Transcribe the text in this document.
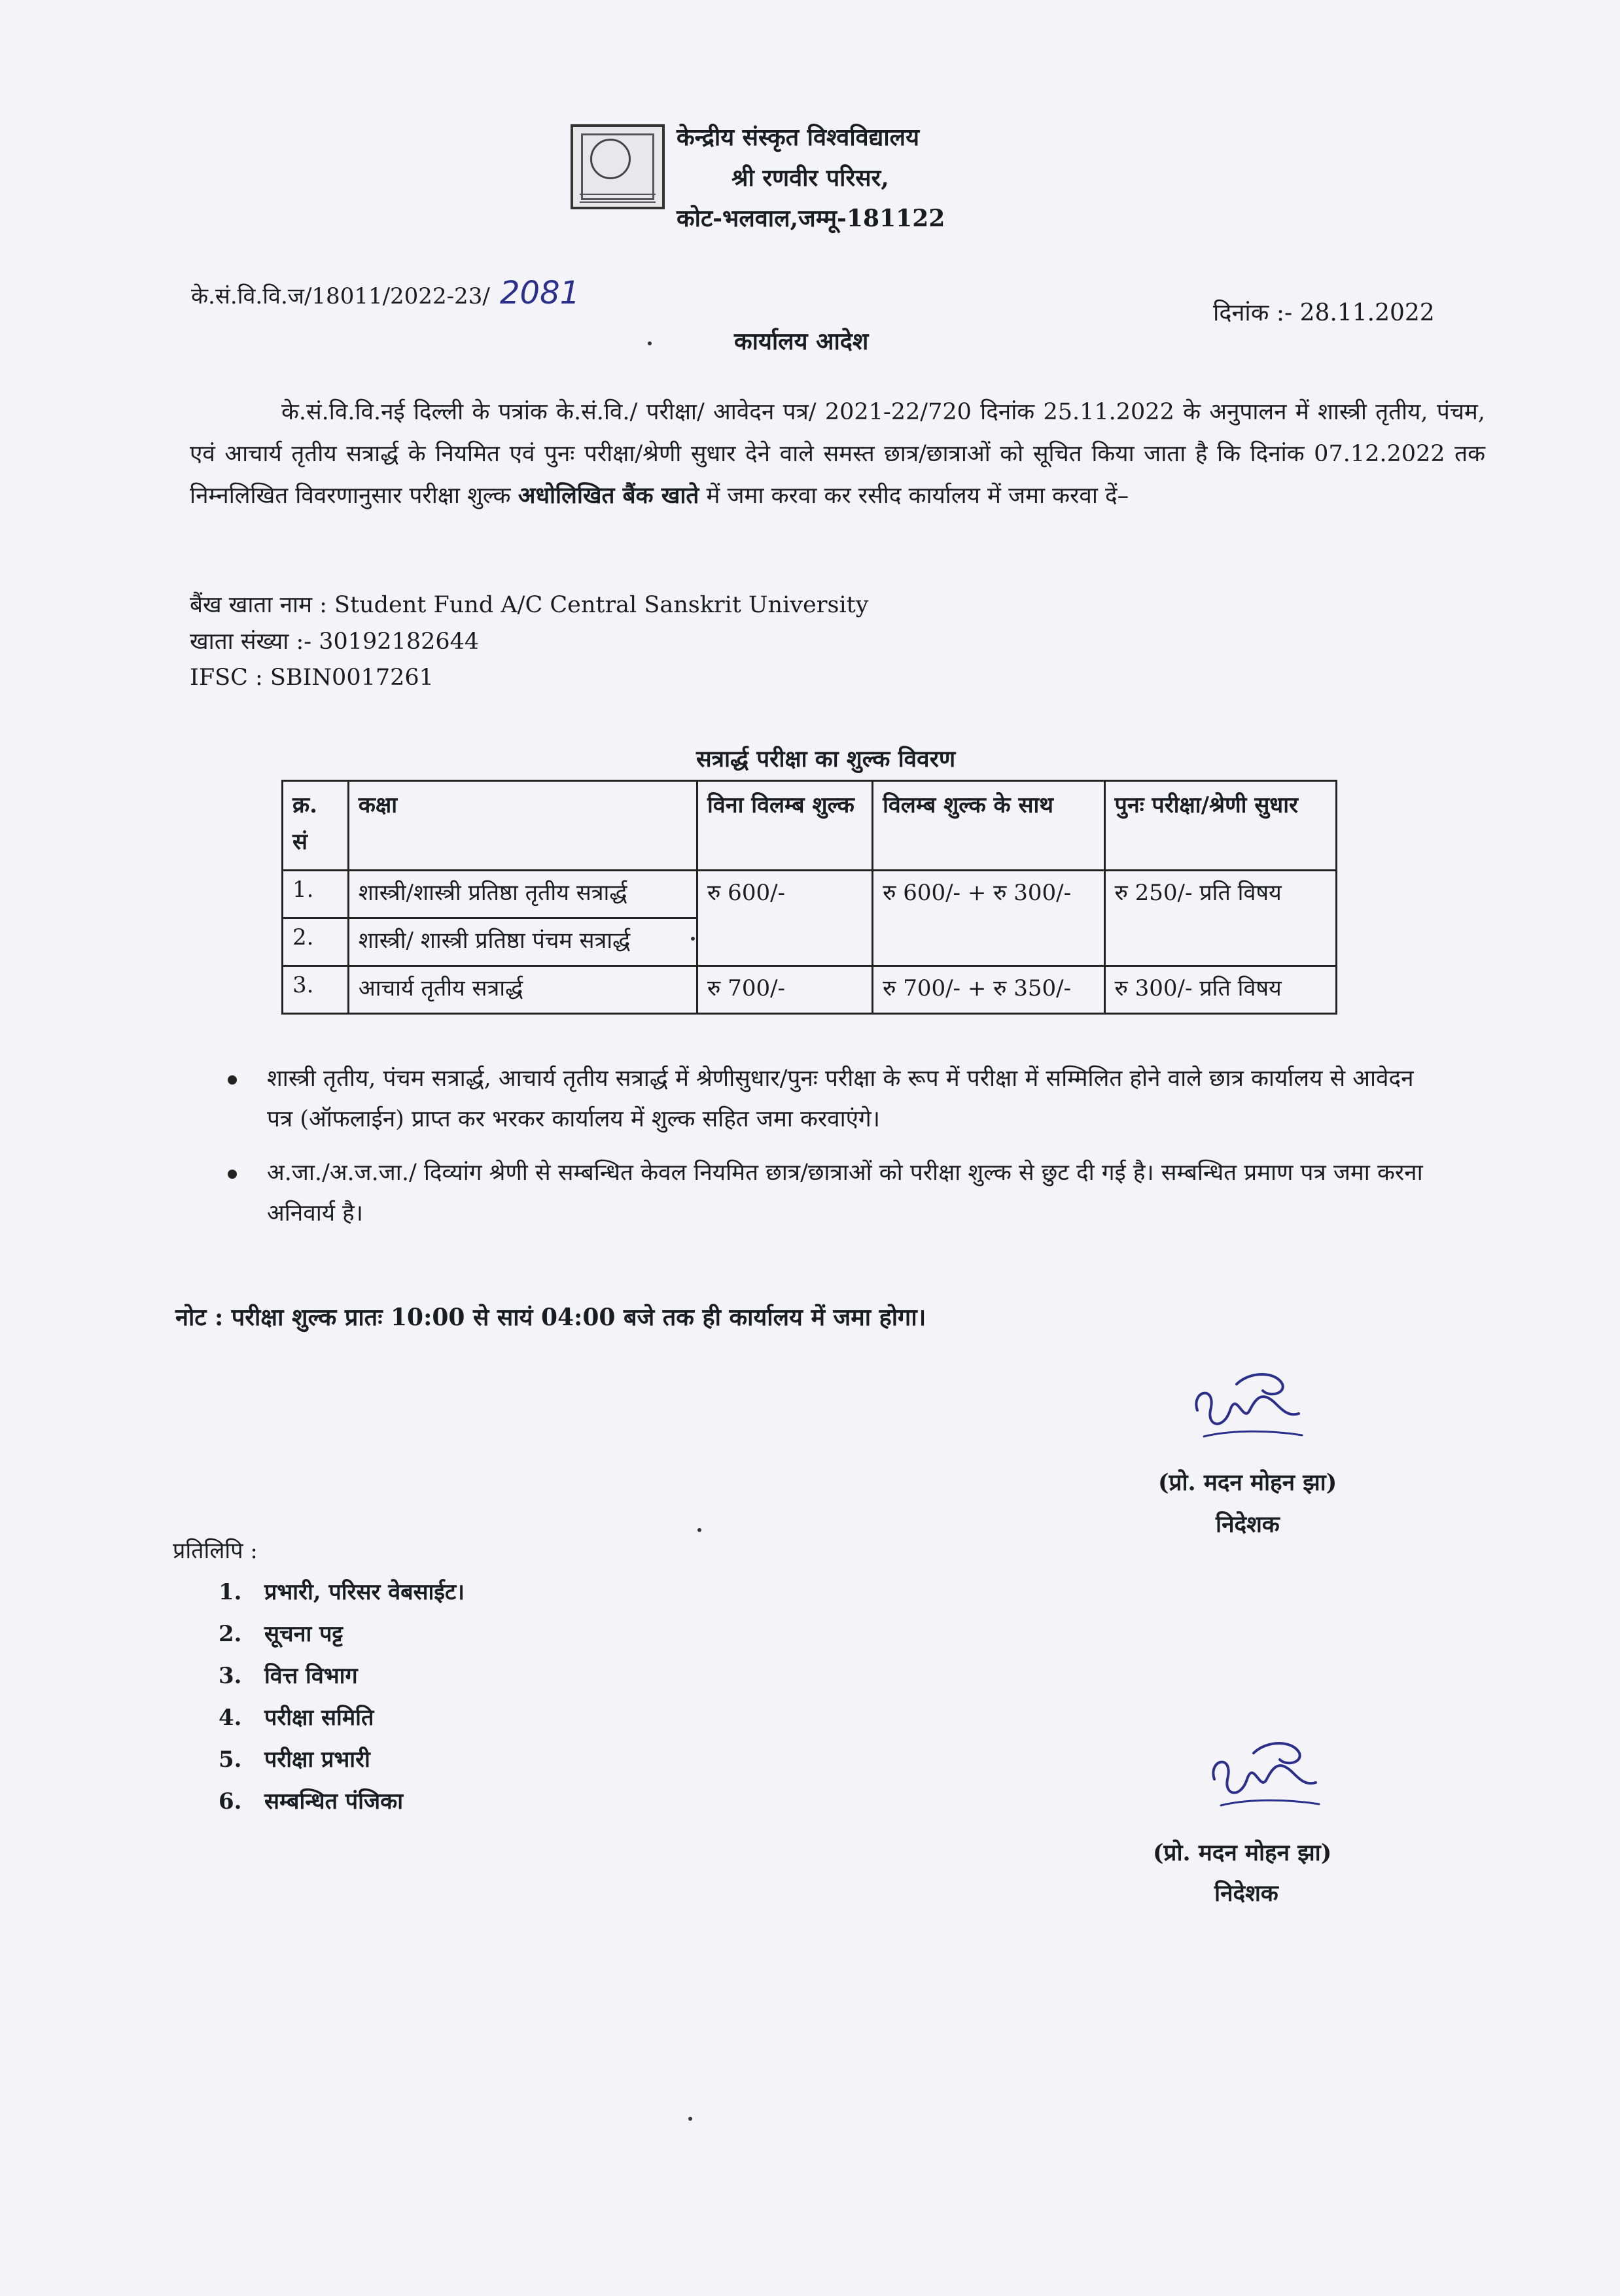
केन्द्रीय संस्कृत विश्वविद्यालय
श्री रणवीर परिसर,
कोट-भलवाल,जम्मू-181122
के.सं.वि.वि.ज/18011/2022-23/ 2081
दिनांक :- 28.11.2022
कार्यालय आदेश
के.सं.वि.वि.नई दिल्ली के पत्रांक के.सं.वि./ परीक्षा/ आवेदन पत्र/ 2021-22/720 दिनांक 25.11.2022 के अनुपालन में शास्त्री तृतीय, पंचम, एवं आचार्य तृतीय सत्रार्द्ध के नियमित एवं पुनः परीक्षा/श्रेणी सुधार देने वाले समस्त छात्र/छात्राओं को सूचित किया जाता है कि दिनांक 07.12.2022 तक निम्नलिखित विवरणानुसार परीक्षा शुल्क अधोलिखित बैंक खाते में जमा करवा कर रसीद कार्यालय में जमा करवा दें–
बैंख खाता नाम : Student Fund A/C Central Sanskrit University
खाता संख्या :- 30192182644
IFSC : SBIN0017261
सत्रार्द्ध परीक्षा का शुल्क विवरण
क्र. सं	कक्षा	विना विलम्ब शुल्क	विलम्ब शुल्क के साथ	पुनः परीक्षा/श्रेणी सुधार
1.	शास्त्री/शास्त्री प्रतिष्ठा तृतीय सत्रार्द्ध	रु 600/-	रु 600/- + रु 300/-	रु 250/- प्रति विषय
2.	शास्त्री/ शास्त्री प्रतिष्ठा पंचम सत्रार्द्ध			
3.	आचार्य तृतीय सत्रार्द्ध	रु 700/-	रु 700/- + रु 350/-	रु 300/- प्रति विषय
शास्त्री तृतीय, पंचम सत्रार्द्ध, आचार्य तृतीय सत्रार्द्ध में श्रेणीसुधार/पुनः परीक्षा के रूप में परीक्षा में सम्मिलित होने वाले छात्र कार्यालय से आवेदन पत्र (ऑफलाईन) प्राप्त कर भरकर कार्यालय में शुल्क सहित जमा करवाएंगे।
अ.जा./अ.ज.जा./ दिव्यांग श्रेणी से सम्बन्धित केवल नियमित छात्र/छात्राओं को परीक्षा शुल्क से छुट दी गई है। सम्बन्धित प्रमाण पत्र जमा करना अनिवार्य है।
नोट : परीक्षा शुल्क प्रातः 10:00 से सायं 04:00 बजे तक ही कार्यालय में जमा होगा।
(प्रो. मदन मोहन झा)
निदेशक
प्रतिलिपि :
1. प्रभारी, परिसर वेबसाईट।
2. सूचना पट्ट
3. वित्त विभाग
4. परीक्षा समिति
5. परीक्षा प्रभारी
6. सम्बन्धित पंजिका
(प्रो. मदन मोहन झा)
निदेशक
